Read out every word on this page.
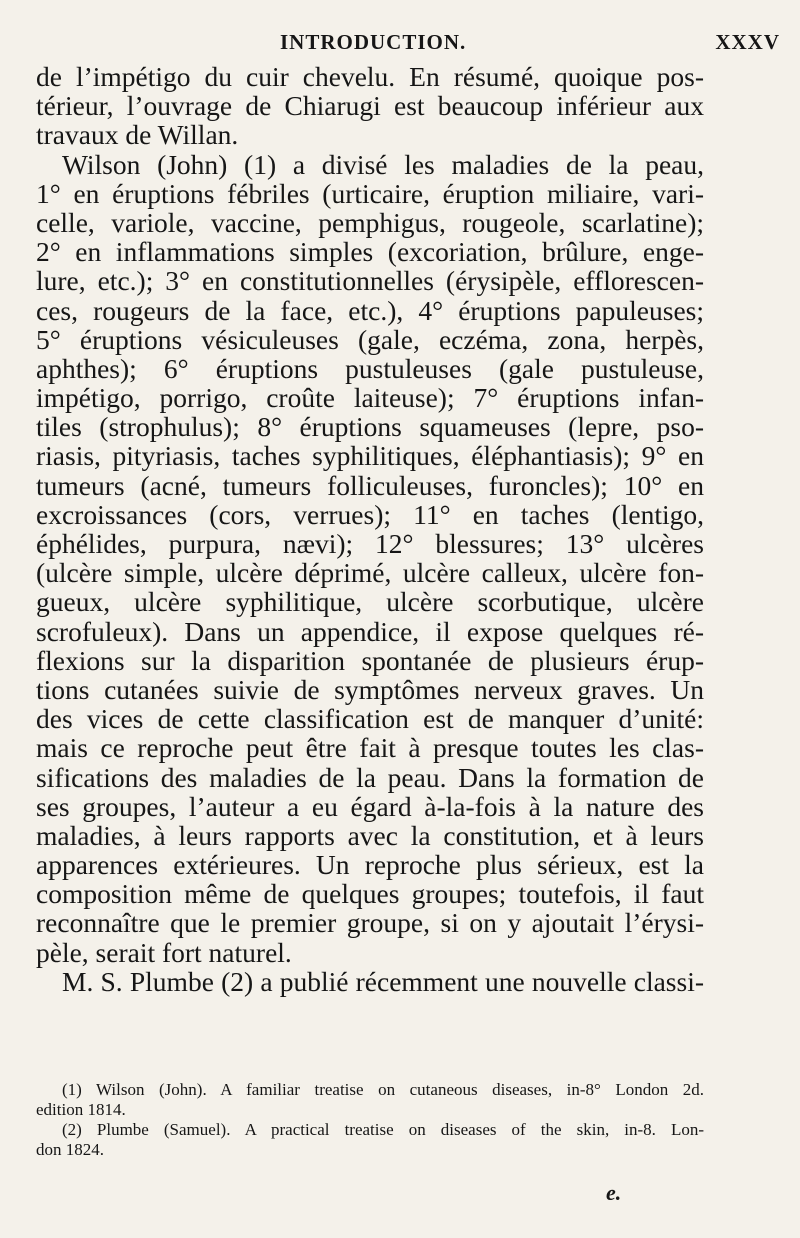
INTRODUCTION.	XXXV
de l’impétigo du cuir chevelu. En résumé, quoique pos-
térieur, l’ouvrage de Chiarugi est beaucoup inférieur aux
travaux de Willan.
Wilson (John) (1) a divisé les maladies de la peau,
1° en éruptions fébriles (urticaire, éruption miliaire, vari-
celle, variole, vaccine, pemphigus, rougeole, scarlatine);
2° en inflammations simples (excoriation, brûlure, enge-
lure, etc.); 3° en constitutionnelles (érysipèle, efflorescen-
ces, rougeurs de la face, etc.), 4° éruptions papuleuses;
5° éruptions vésiculeuses (gale, eczéma, zona, herpès,
aphthes); 6° éruptions pustuleuses (gale pustuleuse,
impétigo, porrigo, croûte laiteuse); 7° éruptions infan-
tiles (strophulus); 8° éruptions squameuses (lepre, pso-
riasis, pityriasis, taches syphilitiques, éléphantiasis); 9° en
tumeurs (acné, tumeurs folliculeuses, furoncles); 10° en
excroissances (cors, verrues); 11° en taches (lentigo,
éphélides, purpura, nævi); 12° blessures; 13° ulcères
(ulcère simple, ulcère déprimé, ulcère calleux, ulcère fon-
gueux, ulcère syphilitique, ulcère scorbutique, ulcère
scrofuleux). Dans un appendice, il expose quelques ré-
flexions sur la disparition spontanée de plusieurs érup-
tions cutanées suivie de symptômes nerveux graves. Un
des vices de cette classification est de manquer d’unité:
mais ce reproche peut être fait à presque toutes les clas-
sifications des maladies de la peau. Dans la formation de
ses groupes, l’auteur a eu égard à-la-fois à la nature des
maladies, à leurs rapports avec la constitution, et à leurs
apparences extérieures. Un reproche plus sérieux, est la
composition même de quelques groupes; toutefois, il faut
reconnaître que le premier groupe, si on y ajoutait l’érysi-
pèle, serait fort naturel.
M. S. Plumbe (2) a publié récemment une nouvelle classi-
(1) Wilson (John). A familiar treatise on cutaneous diseases, in-8° London 2d.
edition 1814.
(2) Plumbe (Samuel). A practical treatise on diseases of the skin, in-8. Lon-
don 1824.
e.
